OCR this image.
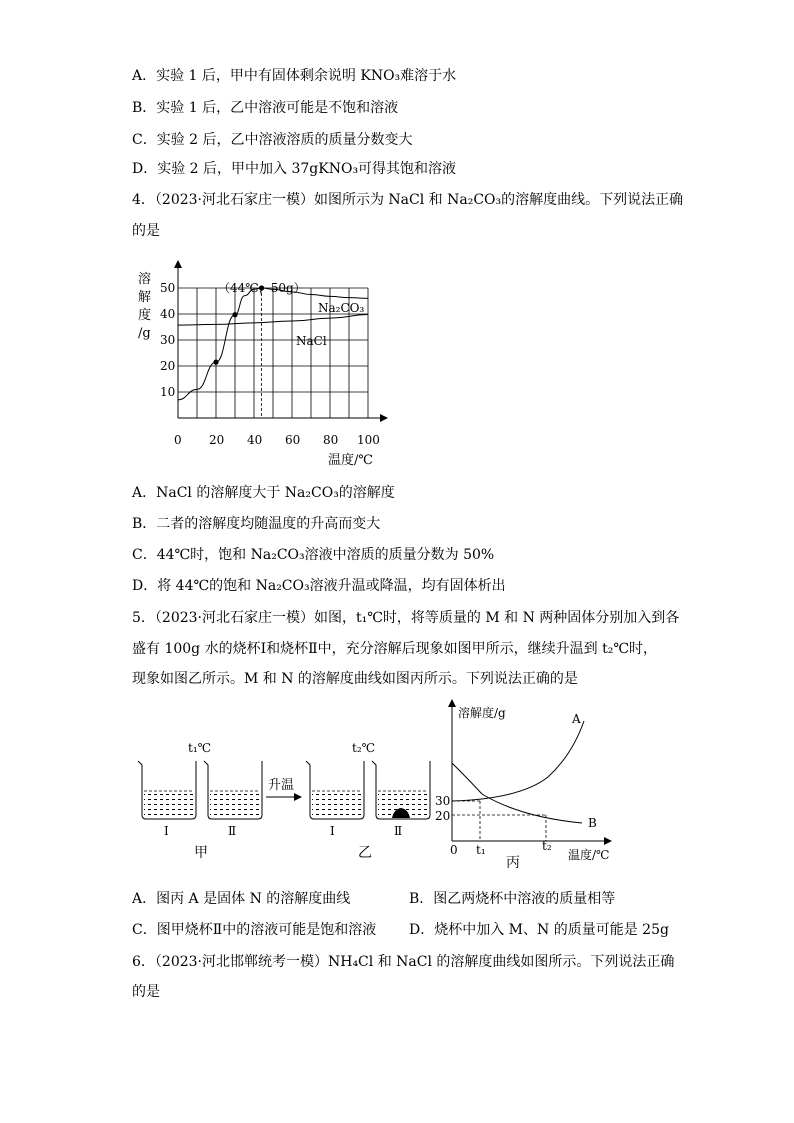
A．实验 1 后，甲中有固体剩余说明 KNO₃难溶于水
B．实验 1 后，乙中溶液可能是不饱和溶液
C．实验 2 后，乙中溶液溶质的质量分数变大
D．实验 2 后，甲中加入 37gKNO₃可得其饱和溶液
4．（2023·河北石家庄一模）如图所示为 NaCl 和 Na₂CO₃的溶解度曲线。下列说法正确
的是
10
20
30
40
50
0 20 40 60 80 100
溶
解
度
/g
温度/℃
（44℃，50g）
Na₂CO₃
NaCl
A．NaCl 的溶解度大于 Na₂CO₃的溶解度
B．二者的溶解度均随温度的升高而变大
C．44℃时，饱和 Na₂CO₃溶液中溶质的质量分数为 50%
D．将 44℃的饱和 Na₂CO₃溶液升温或降温，均有固体析出
5．（2023·河北石家庄一模）如图，t₁℃时，将等质量的 M 和 N 两种固体分别加入到各
盛有 100g 水的烧杯Ⅰ和烧杯Ⅱ中，充分溶解后现象如图甲所示，继续升温到 t₂℃时，
现象如图乙所示。M 和 N 的溶解度曲线如图丙所示。下列说法正确的是
t₁℃	t₂℃
Ⅰ	Ⅱ
甲
升温
Ⅰ	Ⅱ
乙
溶解度/g
温度/℃
A
B
30
20
0 t₁	t₂
丙
A．图丙 A 是固体 N 的溶解度曲线	B．图乙两烧杯中溶液的质量相等
C．图甲烧杯Ⅱ中的溶液可能是饱和溶液 D．烧杯中加入 M、N 的质量可能是 25g
6．（2023·河北邯郸统考一模）NH₄Cl 和 NaCl 的溶解度曲线如图所示。下列说法正确
的是
